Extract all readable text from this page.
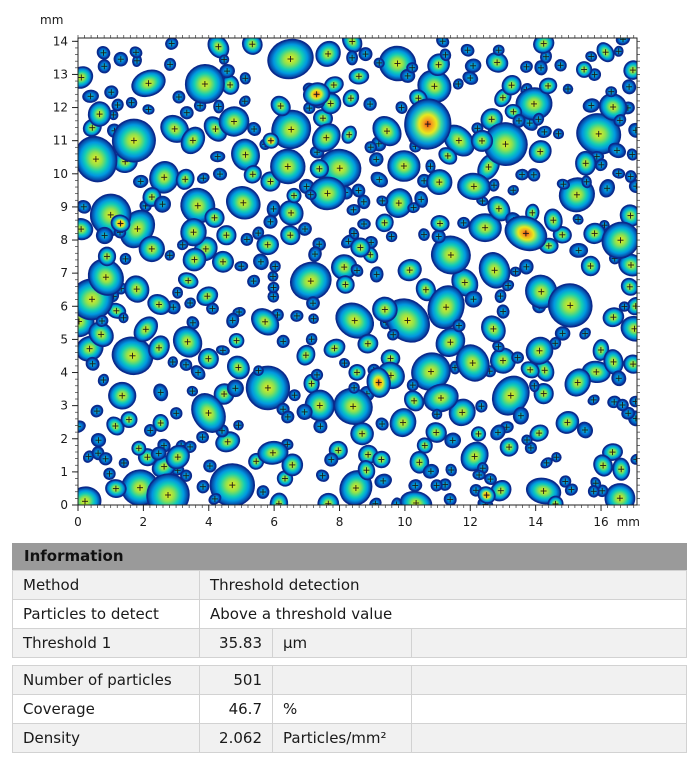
0
1
2
3
4
5
6
7
8
9
10
11
12
13
14
0	2	4	6	8	10	12	14	16 mm
mm
Information
Method	Threshold detection		
Particles to detect	Above a threshold value		
Threshold 1	35.83	µm	
Number of particles	501		
Coverage	46.7	%	
Density	2.062	Particles/mm²	
